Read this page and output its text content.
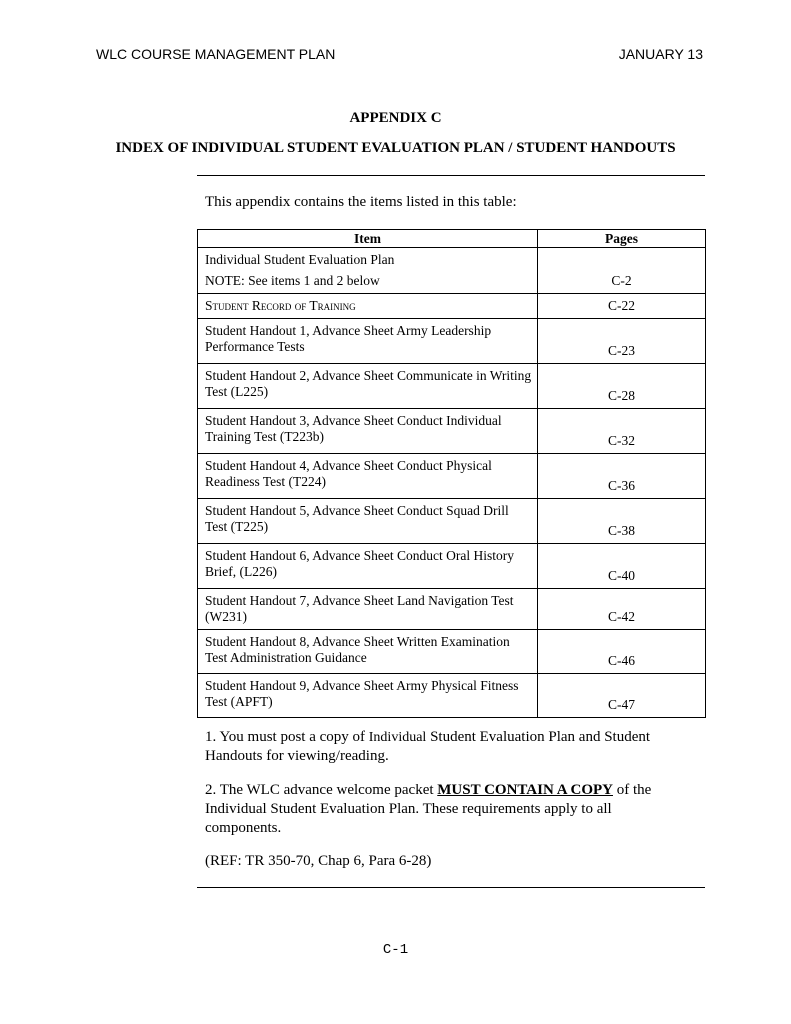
WLC COURSE MANAGEMENT PLAN	JANUARY 13
APPENDIX C
INDEX OF INDIVIDUAL STUDENT EVALUATION PLAN / STUDENT HANDOUTS
This appendix contains the items listed in this table:
Item	Pages
Individual Student Evaluation Plan
NOTE: See items 1 and 2 below	C-2
Student Record of Training	C-22
Student Handout 1, Advance Sheet Army Leadership Performance Tests	C-23
Student Handout 2, Advance Sheet Communicate in Writing Test (L225)	C-28
Student Handout 3, Advance Sheet Conduct Individual Training Test (T223b)	C-32
Student Handout 4, Advance Sheet Conduct Physical Readiness Test (T224)	C-36
Student Handout 5, Advance Sheet Conduct Squad Drill Test (T225)	C-38
Student Handout 6, Advance Sheet Conduct Oral History Brief, (L226)	C-40
Student Handout 7, Advance Sheet Land Navigation Test (W231)	C-42
Student Handout 8, Advance Sheet Written Examination Test Administration Guidance	C-46
Student Handout 9, Advance Sheet Army Physical Fitness Test (APFT)	C-47
1. You must post a copy of Individual Student Evaluation Plan and Student Handouts for viewing/reading.
2. The WLC advance welcome packet MUST CONTAIN A COPY of the Individual Student Evaluation Plan. These requirements apply to all components.
(REF: TR 350-70, Chap 6, Para 6-28)
C-1
